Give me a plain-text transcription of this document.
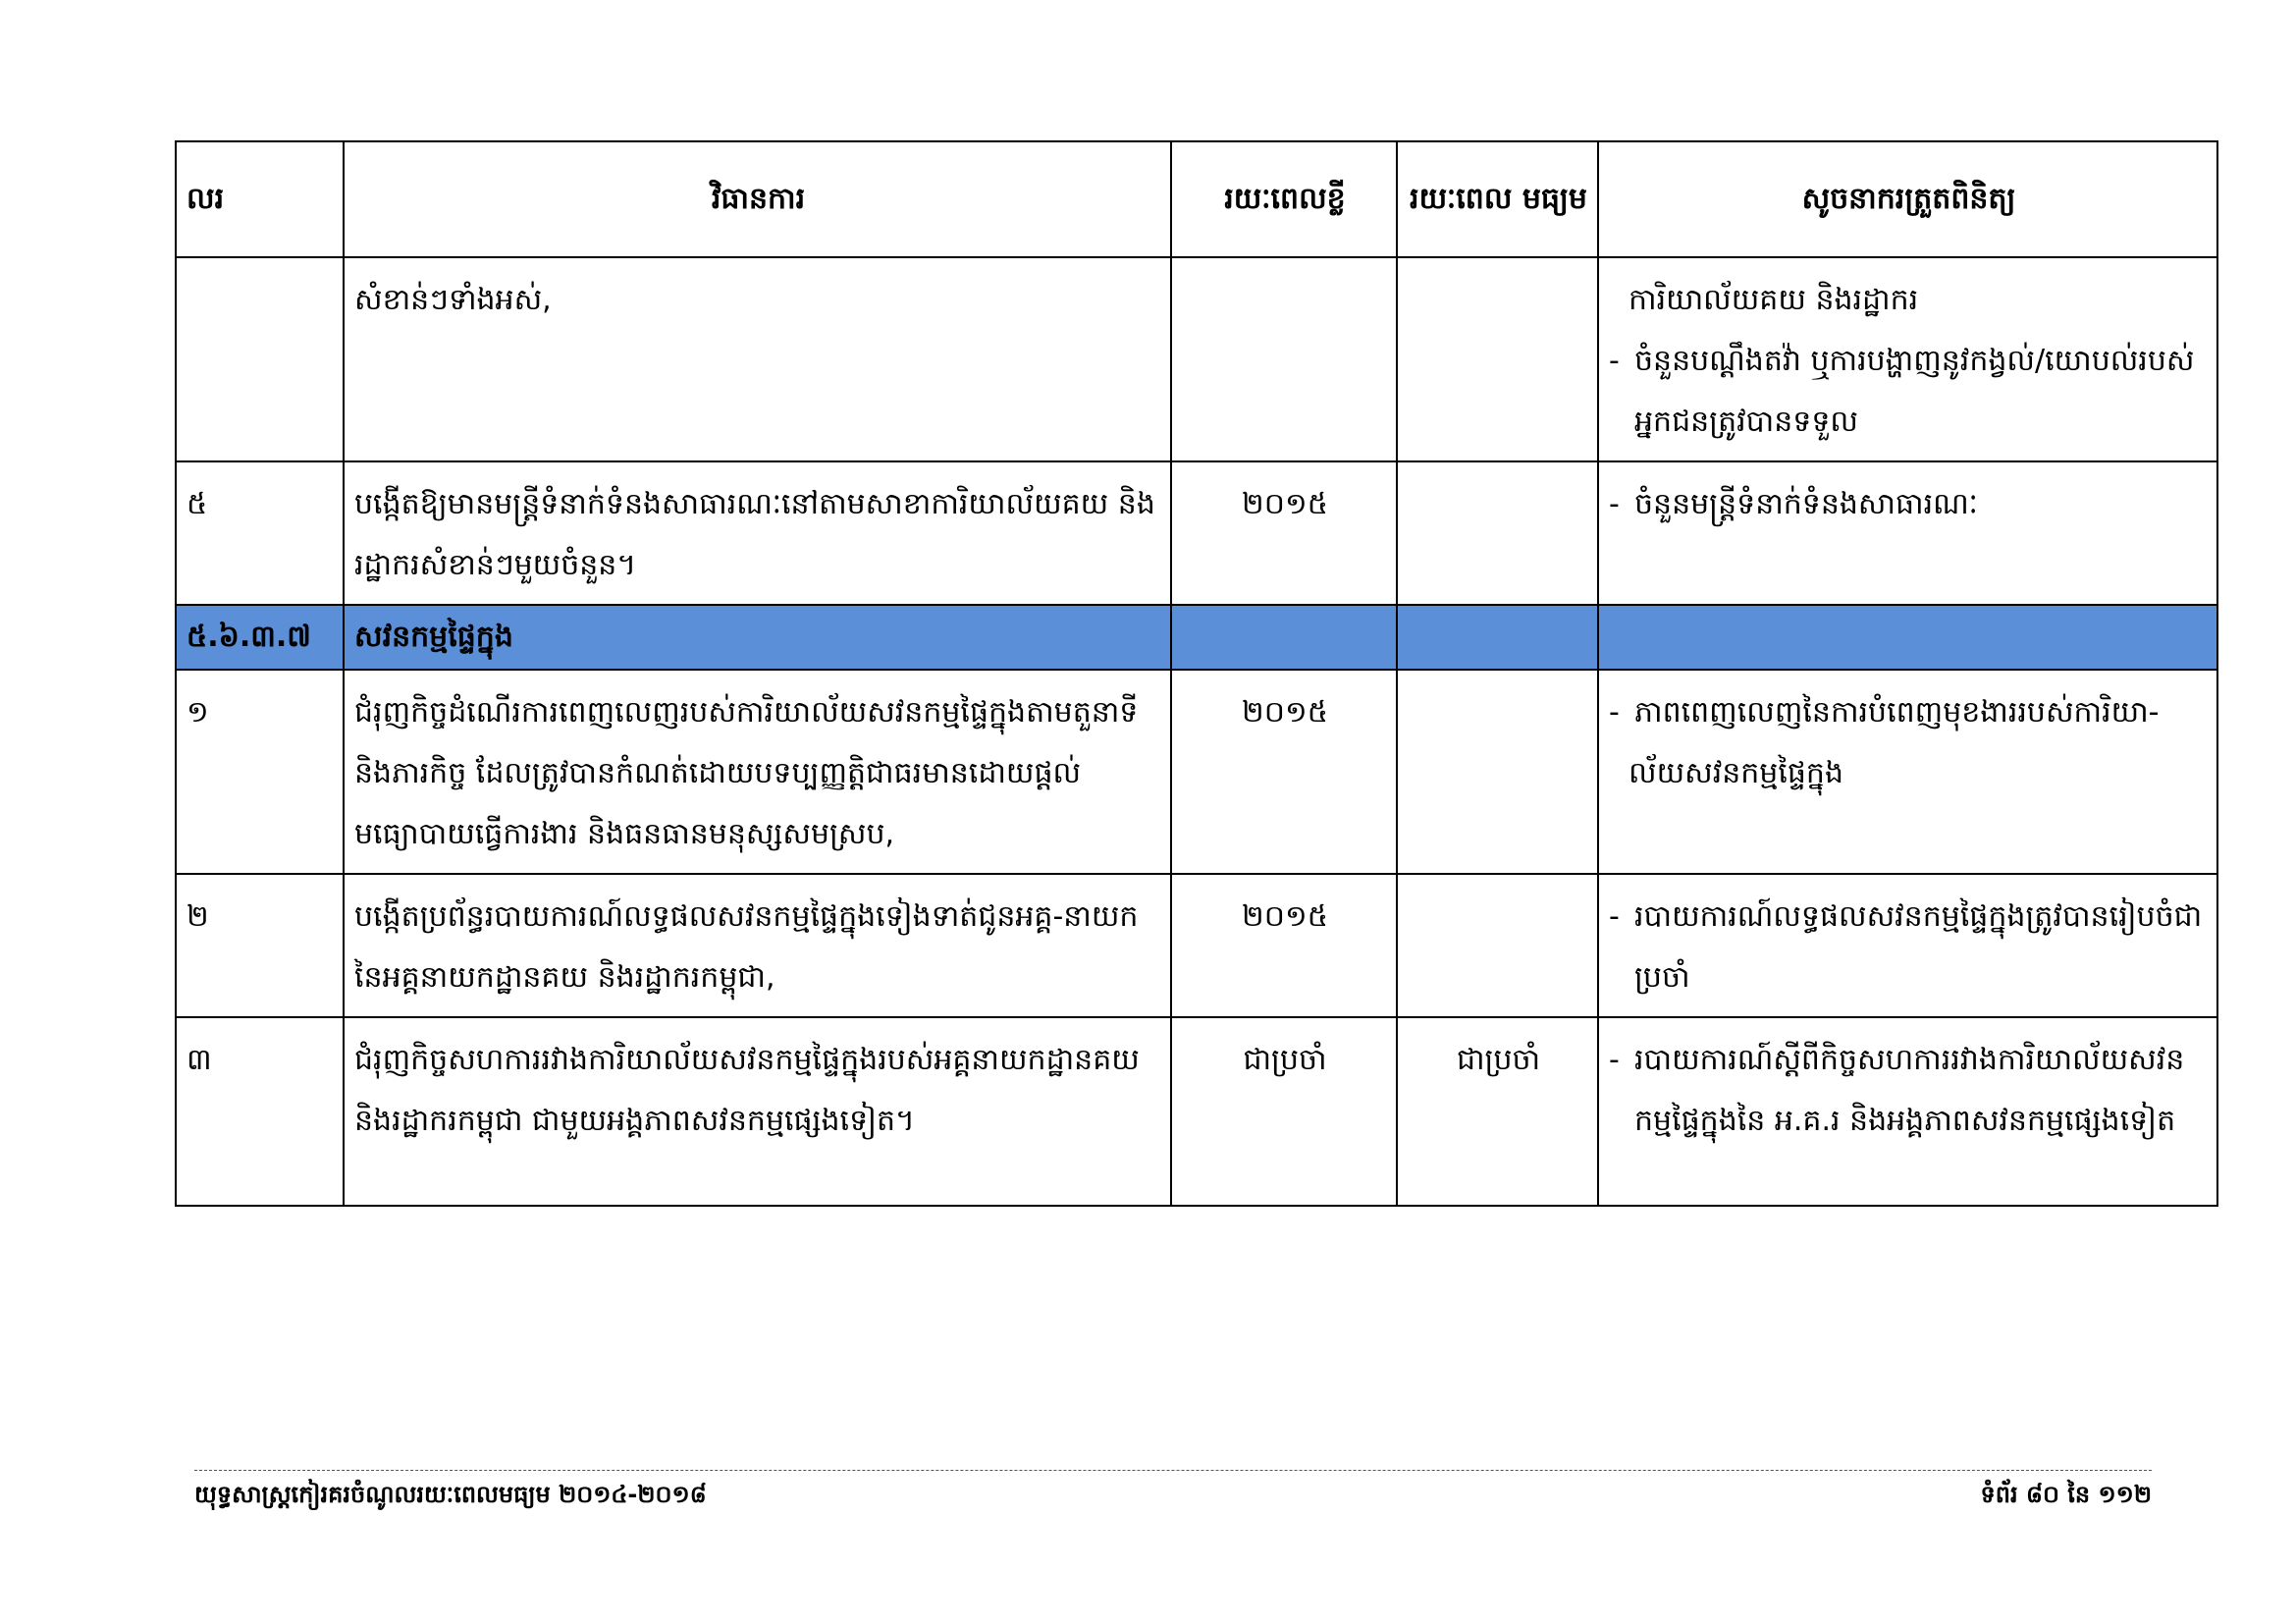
លរ	វិធានការ	រយៈពេលខ្លី	រយៈពេល មធ្យម	សូចនាករត្រួតពិនិត្យ
	សំខាន់ៗទាំងអស់,			ការិយាល័យគយ និងរដ្ឋាករ
- ចំនួនបណ្ដឹងតវ៉ា ឬការបង្ហាញនូវកង្វល់/យោបល់របស់អ្នកជនត្រូវបានទទួល

៥	បង្កើតឱ្យមានមន្ត្រីទំនាក់ទំនងសាធារណៈនៅតាមសាខាការិយាល័យគយ និងរដ្ឋាករសំខាន់ៗមួយចំនួន។	២០១៥		- ចំនួនមន្ត្រីទំនាក់ទំនងសាធារណៈ

៥.៦.៣.៧	សវនកម្មផ្ទៃក្នុង			
១	ជំរុញកិច្ចដំណើរការពេញលេញរបស់ការិយាល័យសវនកម្មផ្ទៃក្នុងតាមតួនាទី និងភារកិច្ច ដែលត្រូវបានកំណត់ដោយបទប្បញ្ញត្តិជាធរមានដោយផ្ដល់មធ្យោបាយធ្វើការងារ និងធនធានមនុស្សសមស្រប,	២០១៥		- ភាពពេញលេញនៃការបំពេញមុខងាររបស់ការិយា-
ល័យសវនកម្មផ្ទៃក្នុង

២	បង្កើតប្រព័ន្ធរបាយការណ៍លទ្ធផលសវនកម្មផ្ទៃក្នុងទៀងទាត់ជូនអគ្គ-នាយកនៃអគ្គនាយកដ្ឋានគយ និងរដ្ឋាករកម្ពុជា,	២០១៥		- របាយការណ៍លទ្ធផលសវនកម្មផ្ទៃក្នុងត្រូវបានរៀបចំជាប្រចាំ

៣	ជំរុញកិច្ចសហការរវាងការិយាល័យសវនកម្មផ្ទៃក្នុងរបស់អគ្គនាយកដ្ឋានគយ និងរដ្ឋាករកម្ពុជា ជាមួយអង្គភាពសវនកម្មផ្សេងទៀត។	ជាប្រចាំ	ជាប្រចាំ	- របាយការណ៍ស្ដីពីកិច្ចសហការរវាងការិយាល័យសវនកម្មផ្ទៃក្នុងនៃ អ.គ.រ និងអង្គភាពសវនកម្មផ្សេងទៀត
យុទ្ធសាស្ត្រកៀរគរចំណូលរយៈពេលមធ្យម ២០១៤-២០១៨	ទំព័រ ៨០ នៃ ១១២
